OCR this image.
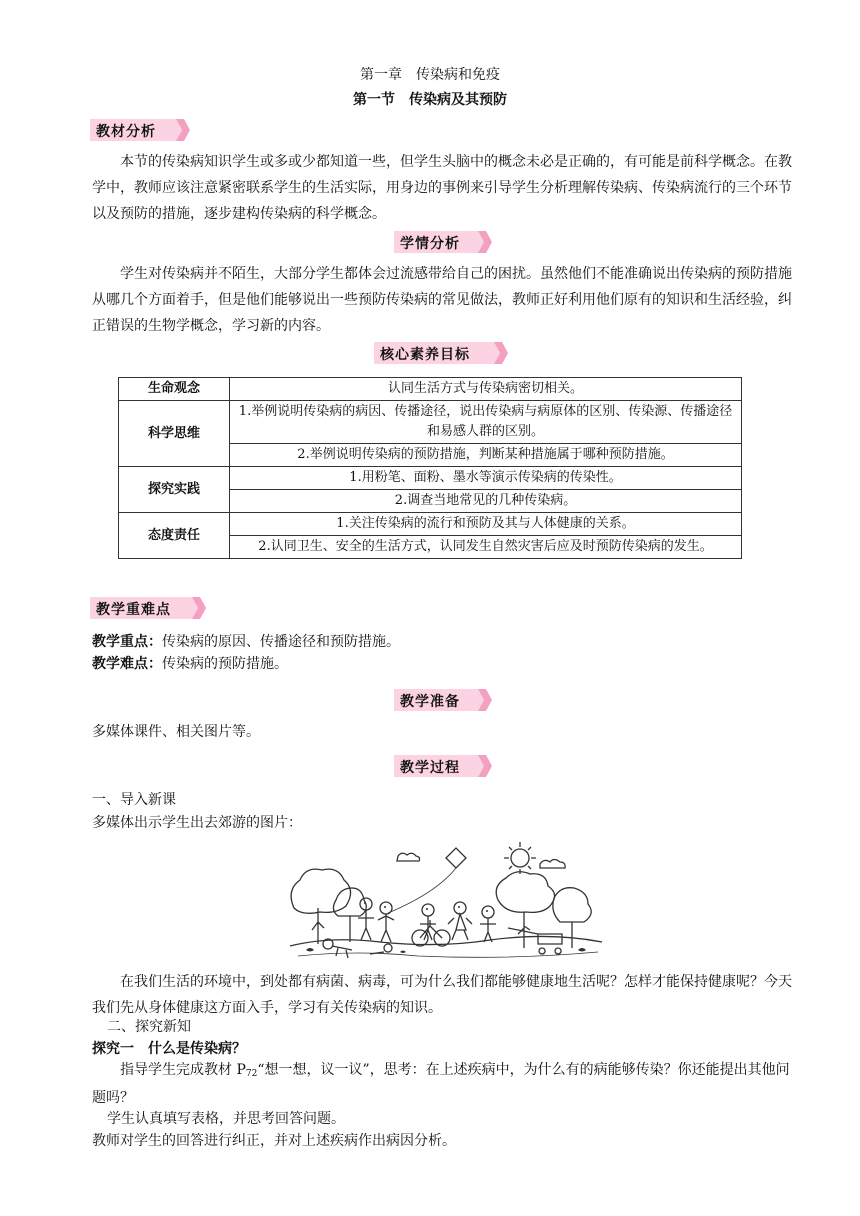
第一章　传染病和免疫
第一节　传染病及其预防
教材分析
本节的传染病知识学生或多或少都知道一些，但学生头脑中的概念未必是正确的，有可能是前科学概念。在教学中，教师应该注意紧密联系学生的生活实际，用身边的事例来引导学生分析理解传染病、传染病流行的三个环节以及预防的措施，逐步建构传染病的科学概念。
学情分析
学生对传染病并不陌生，大部分学生都体会过流感带给自己的困扰。虽然他们不能准确说出传染病的预防措施从哪几个方面着手，但是他们能够说出一些预防传染病的常见做法，教师正好利用他们原有的知识和生活经验，纠正错误的生物学概念，学习新的内容。
核心素养目标
生命观念	认同生活方式与传染病密切相关。
科学思维	1.举例说明传染病的病因、传播途径，说出传染病与病原体的区别、传染源、传播途径和易感人群的区别。
	2.举例说明传染病的预防措施，判断某种措施属于哪种预防措施。
探究实践	1.用粉笔、面粉、墨水等演示传染病的传染性。
	2.调查当地常见的几种传染病。
态度责任	1.关注传染病的流行和预防及其与人体健康的关系。
	2.认同卫生、安全的生活方式，认同发生自然灾害后应及时预防传染病的发生。
教学重难点
教学重点：传染病的原因、传播途径和预防措施。
教学难点：传染病的预防措施。
教学准备
多媒体课件、相关图片等。
教学过程
一、导入新课
多媒体出示学生出去郊游的图片：
在我们生活的环境中，到处都有病菌、病毒，可为什么我们都能够健康地生活呢？怎样才能保持健康呢？今天我们先从身体健康这方面入手，学习有关传染病的知识。
二、探究新知
探究一　什么是传染病？
指导学生完成教材 $P_{72}“$想一想，议一议”，思考：在上述疾病中，为什么有的病能够传染？你还能提出其他问题吗？
学生认真填写表格，并思考回答问题。
教师对学生的回答进行纠正，并对上述疾病作出病因分析。
